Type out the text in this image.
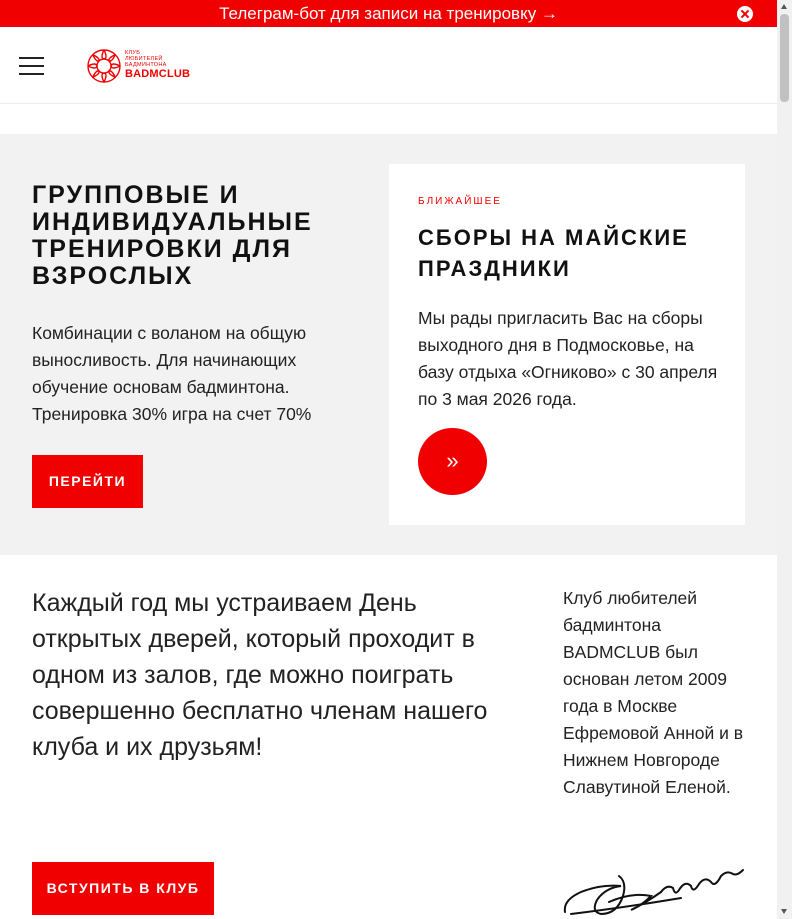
Телеграм-бот для записи на тренировку →
КЛУБ
ЛЮБИТЕЛЕЙ
БАДМИНТОНА
BADMCLUB
ГРУППОВЫЕ И ИНДИВИДУАЛЬНЫЕ ТРЕНИРОВКИ ДЛЯ ВЗРОСЛЫХ
Комбинации с воланом на общую выносливость. Для начинающих обучение основам бадминтона. Тренировка 30% игра на счет 70%
ПЕРЕЙТИ
БЛИЖАЙШЕЕ
СБОРЫ НА МАЙСКИЕ ПРАЗДНИКИ
Мы рады пригласить Вас на сборы выходного дня в Подмосковье, на базу отдыха «Огниково» с 30 апреля по 3 мая 2026 года.
»
Каждый год мы устраиваем День открытых дверей, который проходит в одном из залов, где можно поиграть совершенно бесплатно членам нашего клуба и их друзьям!
Клуб любителей бадминтона BADMCLUB был основан летом 2009 года в Москве Ефремовой Анной и в Нижнем Новгороде Славутиной Еленой.
ВСТУПИТЬ В КЛУБ
